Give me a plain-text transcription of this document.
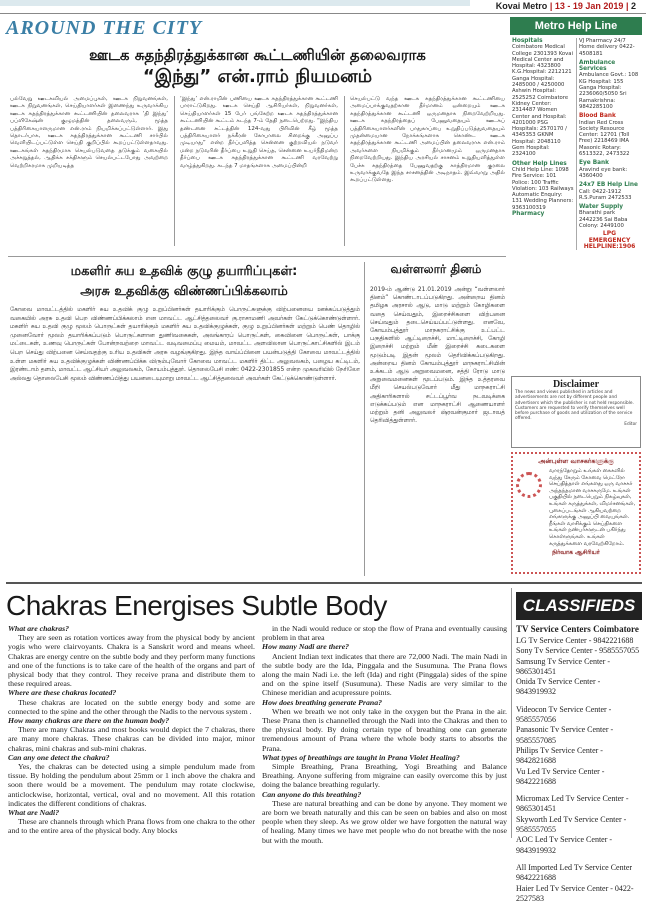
Kovai Metro | 13 - 19 Jan 2019 | 2
AROUND THE CITY
ஊடக சுதந்திரத்துக்கான கூட்டணியின் தலைவராக
“இந்து” என்.ராம் நியமனம்
பல்வேறு ஊடகவியல் அமைப்புகள், ஊடக நிறுவனங்கள், ஊடக நிறுவனங்கள், செய்தியாளர்கள் இணைந்து உருவாக்கிய ஊடக சுதந்திரத்துக்கான கூட்டணியின் தலைவராக ‘தி இந்து’ பப்ளிகேஷ்ன் குழுமத்தின் தலைவரும், மூத்த பத்திரிகையாளருமான என்.ராம் நியமிக்கப்பட்டுள்ளார். இது தொடர்பாக, ஊடக சுதந்திரத்துக்கான கூட்டணி சார்பில் வெளியிடப்பட்டுள்ள செய்தி குறிப்பில் கூறப்பட்டுள்ளதாவது. ஊடகங்கள் சுதந்திரமாக செயல்படுவதை தடுக்கும் வகையில் அச்சுறுத்தல், ஆதிக்க சக்திகளும் செயல்பட்டபோது அவற்றை வெற்றிகரமாக முறியடித்த
‘இந்து’ என்.ராமின் பணியை ஊடக சுதந்திரத்துக்கான கூட்டணி பாராட்டுகிறது. ஊடக செய்தி ஆசிரியர்கள், நிறுவனர்கள், செய்தியாளர்கள் 15 பேர் பங்கேற்ற ஊடக சுதந்திரத்துக்கான கூட்டணியின் கூட்டம் கடந்த 7-ம் தேதி நடைபெற்றது. “இந்திய தண்டனை சட்டத்தின் 124-வது பிரிவின் கீழ் மூத்த பத்திரிகையாளர் நக்கீரன் கோபாலை சிறைக்கு அனுப்ப முடியாது” என்ற தீர்ப்பளித்த சென்னை குற்றவியல் நடுவர் மன்ற நடுவரின் தீர்ப்பை உறுதி செய்த, சென்னை உயர்நீதிமன்ற தீர்ப்பை ஊடக சுதந்திரத்துக்கான கூட்டணி வரவேற்று வாழ்த்துகிறது. கடந்த 7 மாதங்களாக அமைப்பின்றி
செயல்பட்டு வந்த ஊடக சுதந்திரத்துக்கான கூட்டணியை அமைப்பாக்குவதற்கான தீர்மானம் ஒன்றையும் ஊடக சுதந்திரத்துக்கான கூட்டணி ஒருமனதாக நிறைவேற்றியது. ஊடக சுதந்திரத்தைப் பேணுவதையும் ஊடகப் பத்திரிகையாளர்களின் பாதுகாப்பை உறுதிப்படுத்துவதையும் முதன்மையான நோக்கங்களாக கொண்ட ஊடக சுதந்திரத்துக்கான கூட்டணி அமைப்பின் தலைவராக என்.ராம் அவர்களை நியமிக்கும் தீர்மானமும் ஒருமனதாக நிறைவேற்றியது. இந்திய அரசியல் சாசனம் உறுதியளித்துள்ள பேச்சு சுதந்திரத்தை பேணுவதற்கு காத்திரமான குரலை உருவாக்குவதே இந்த சாசனத்தின் அடிநாதம். இவ்வாறு அதில் கூறப்பட்டுள்ளது.
மகளிர் சுய உதவிக் குழு தயாரிப்புகள்:
அரசு உதவிக்கு விண்ணப்பிக்கலாம்
கோவை மாவட்டத்தில் மகளிர் சுய உதவிக் குழு உறுப்பினர்கள் தயாரிக்கும் பொருட்களுக்கு விற்பனையை ஊக்கப்படுத்தும் வகையில் அரசு உதவி பெற விண்ணப்பிக்கலாம் என மாவட்ட ஆட்சித்தலைவர் கு.ராசாமணி அவர்கள் கேட்டுக்கொண்டுள்ளார். மகளிர் சுய உதவி குழு மூலம் பொருட்கள் தயாரிக்கும் மகளிர் சுய உதவிக்குழுக்கள், குழு உறுப்பினர்கள் மற்றும் பெண் தொழில் முனைவோர் மூலம் தயாரிக்கப்படும் பொருட்களான துணிவகைகள், அலங்காரப் பொருட்கள், கைவினை பொருட்கள், பாக்கு மட்டைகள், உணவு பொருட்கள் போன்றவற்றை மாவட்ட வடிவமைப்பு மையம், மாவட்ட அளவிலான பொருட்காட்சிகளில் இடம் பெற செய்து விற்பனை செய்வதற்கு உரிய உதவிகள் அரசு வழங்குகிறது. இந்த வாய்ப்பினை பயன்படுத்தி கோவை மாவட்டத்தில் உள்ள மகளிர் சுய உதவிக்குழுக்கள் விண்ணப்பிக்க விரும்புவோர் கோவை மாவட்ட மகளிர் திட்ட அலுவலகம், பழைய கட்டிடம், இரண்டாம் தளம், மாவட்ட ஆட்சியர் அலுவலகம், கோயம்புத்தூர். தொலைபேசி எண்: 0422-2301855 என்ற முகவரியில் நேரிலோ அல்லது தொலைபேசி மூலம் விண்ணப்பித்து பயனடையுமாறு மாவட்ட ஆட்சித்தலைவர் அவர்கள் கேட்டுக்கொண்டுள்ளார்.
வள்ளலார் தினம்
2019-ம் ஆண்டு 21.01.2019 அன்று “வள்ளலார் தினம்” கொண்டாடப்படுகிறது. அன்றைய தினம் தமிழக அரசால் ஆடு, மாடு மற்றும் கோழிகளை வதை செய்வதும், இறைச்சிகளை விற்பனை செய்வதும் தடைசெய்யப்பட்டுள்ளது. எனவே, கோயம்புத்தூர் மாநகராட்சிக்கு உட்பட்ட பகுதிகளில் ஆட்டிறைச்சி, மாட்டிறைச்சி, கோழி இறைச்சி மற்றும் மீன் இறைச்சி கடைகளை மூடும்படி இதன் மூலம் தெரிவிக்கப்படுகிறது. அன்றைய தினம் கோயம்புத்தூர் மாநகராட்சியின் உக்கடம் ஆடு அறுவைமனை, சத்தி ரோடு மாடு அறுவைமனைகள் மூடப்படும். இந்த உத்தரவை மீறி செயல்படுவோர் மீது மாநகராட்சி அதிகாரிகளால் சட்டப்பூர்வ நடவடிக்கை எடுக்கப்படும் என மாநகராட்சி ஆணையாளர் மற்றும் தனி அலுவலர் ஷ்ரவன்குமார் ஜடாவத் தெரிவித்துள்ளார்.
Metro Help Line
Hospitals
Coimbatore Medical College 2301393 Kovai Medical Center and Hospital: 4323800 K.G.Hospital: 2212121 Ganga Hospital: 2485000 / 4250000 Ashwin Hospital: 2525252 Coimbatore Kidney Center: 2314487 Women Center and Hospital: 4201000 PSG Hospitals: 2570170 / 4345353 GKNM Hospital: 2048110 Gem Hospital: 2324100
Other Help Lines
Child Help Line: 1098 Fire Service: 101 Police: 100 Traffic Violation: 103 Railways Automatic Enquiry: 131 Wedding Planners: 9363100319
Pharmacy
VJ Pharmacy 24/7 Home delivery 0422-4508181
Ambulance Services
Ambulance Govt.: 108 KG Hospital: 155 Ganga Hospital: 2236060/5050 Sri Ramakrishna: 9842285100
Blood Bank
Indian Red Cross Society Resource Center: 12701 (Toll Free) 2218469 IMA Masonic Rotary: 6513322, 2473322
Eye Bank
Aravind eye bank: 4360400
24x7 EB Help Line
Call: 0422-1912 R.S.Puram 2472533
Water Supply
Bharathi park 2442236 Sai Baba Colony: 2449100
LPG
EMERGENCY HELPLINE:1906
Disclaimer
The news and views published in articles and advertisements are not by different people and advertisers which the publisher is not held responsible. Customers are requested to verify themselves well before purchase of goods and utilization of the service offered.
Editor
அன்புள்ள வாசகர்களுக்கு
வாரந்தோறும் உங்கள் கைகளில் வந்து சேரும் கோவை மெட்ரோ செய்தித்தாள் எங்களது ஒரு வாசகர் அந்தந்தமான வாசகருமே. உங்கள் பகுதியில் நடைபெறும் நிகழ்வுகள், உங்கள் கருத்துக்கள், விமர்சனங்கள், புகைப்படங்கள் ஆகியவற்றை எங்களுக்கு அனுப்பி வையுங்கள். நீங்கள் வாசிக்கும் செய்திகளை உங்கள் நண்பர்களுடன் பகிர்ந்து கொள்ளுங்கள். உங்கள் கருத்துக்களை வரவேற்கிறோம்.
நிர்வாக ஆசிரியர்
Chakras Energises Subtle Body
What are chakras?
They are seen as rotation vortices away from the physical body by ancient yogis who were clairvoyants. Chakra is a Sanskrit word and means wheel. Chakras are energy centre on the subtle body and they perform many functions and one of the functions is to take care of the health of the organs and part of physical body that they control. They receive prana and distribute them to these required areas.
Where are these chakras located?
These chakras are located on the subtle energy body and some are connected to the spine and the other through the Nadis to the nervous system .
How many chakras are there on the human body?
There are many Chakras and most books would depict the 7 chakras, there are many more chakras. These chakras can be divided into major, minor chakras, mini chakras and sub-mini chakras.
Can any one detect the chakra?
Yes, the chakras can be detected using a simple pendulum made from tissue. By holding the pendulum about 25mm or 1 inch above the chakra and soon there would be a movement. The pendulum may rotate clockwise, anticlockwise, horizontal, vertical, oval and no movement. All this rotation indicates the different conditions of chakras.
What are Nadi?
These are channels through which Prana flows from one chakra to the other and to the entire area of the physical body. Any blocks
in the Nadi would reduce or stop the flow of Prana and eventually causing problem in that area
How many Nadi are there?
Ancient Indian text indicates that there are 72,000 Nadi. The main Nadi in the subtle body are the Ida, Pinggala and the Susumuna. The Prana flows along the main Nadi i.e. the left (Ida) and right (Pinggala) sides of the spine and on the spine itself (Susumuna). These Nadis are very similar to the Chinese meridian and acupressure points.
How does breathing generate Prana?
When we breath we not only take in the oxygen but the Prana in the air. These Prana then is channelled through the Nadi into the Chakras and then to the physical body. By doing certain type of breathing one can generate tremendous amount of Prana where the whole body starts to absorbs the Prana.
What types of breathings are taught in Prana Violet Healing?
Simple Breathing, Prana Breathing, Yogi Breathing and Balance Breathing. Anyone suffering from migraine can easily overcome this by just doing the balance breathing regularly.
Can anyone do this breathing?
These are natural breathing and can be done by anyone. They moment we are born we breath naturally and this can be seen on babies and also on most people when they sleep. As we grow older we have forgotten the natural way of healing. Many times we have met people who do not breathe with the nose but with the mouth.
CLASSIFIEDS
TV Service Centers Coimbatore
LG Tv Service Center - 9842221688
Sony Tv Service Center - 9585557055
Samsung Tv Service Center - 9865301451
Onida Tv Service Center - 9843919932
Videocon Tv Service Center - 9585557056
Panasonic Tv Service Center - 9585557085
Philips Tv Service Center - 9842821688
Vu Led Tv Service Center - 9842221688
Micromax Led Tv Service Center - 9865301451
Skyworth Led Tv Service Center - 9585557055
AOC Led Tv Service Center - 9843919932
All Imported Led Tv Service Center 9842221688
Haier Led Tv Service Center - 0422-2527583
